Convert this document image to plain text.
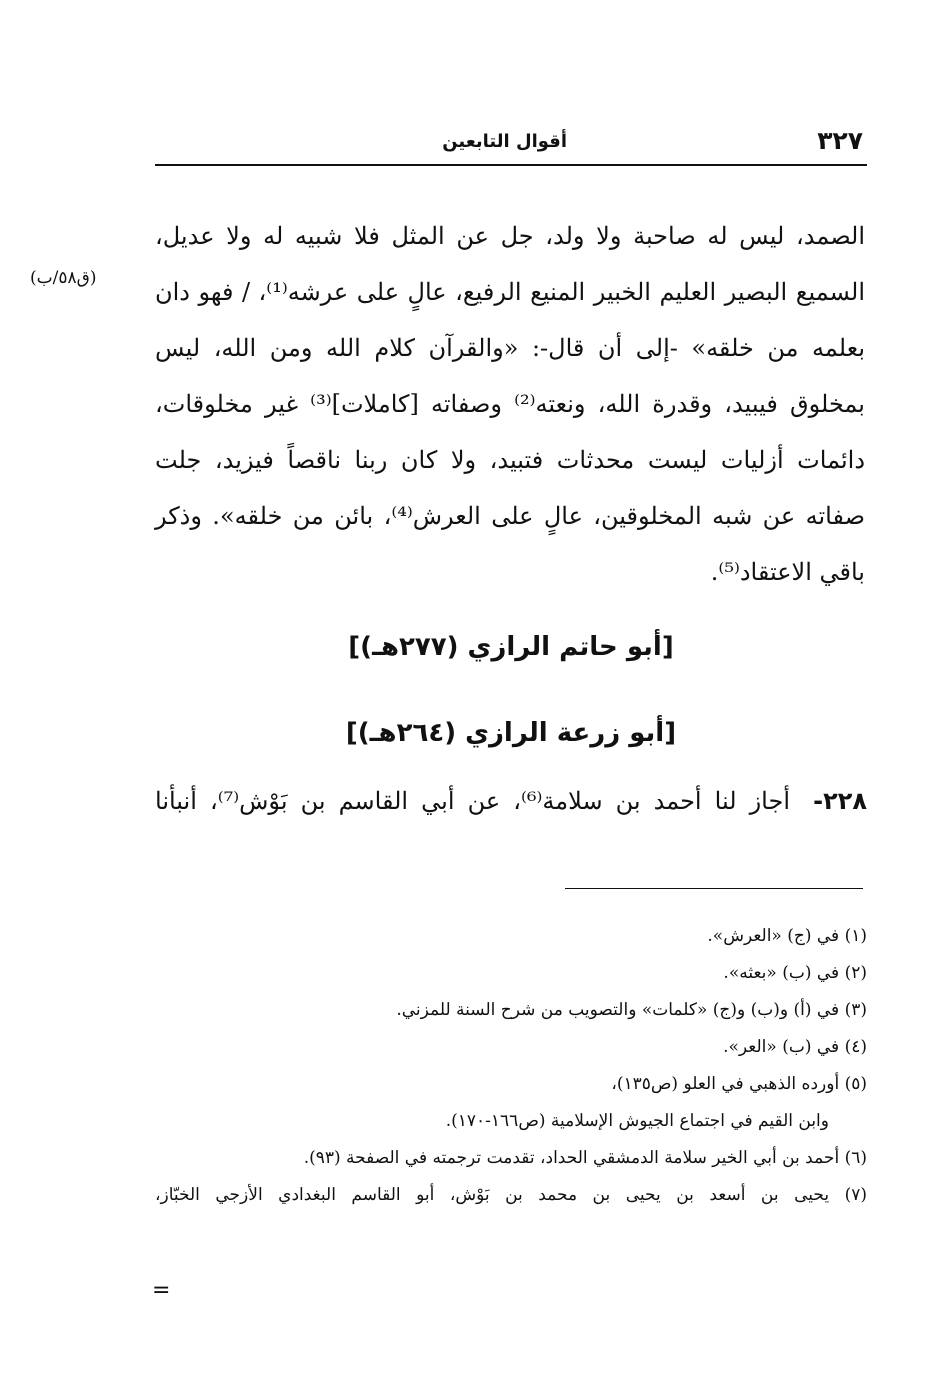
٣٢٧
أقوال التابعين
(ق٥٨/ب)
الصمد، ليس له صاحبة ولا ولد، جل عن المثل فلا شبيه له ولا عديل،
السميع البصير العليم الخبير المنيع الرفيع، عالٍ على عرشه⁽¹⁾، / فهو دان
بعلمه من خلقه» -إلى أن قال-: «والقرآن كلام الله ومن الله، ليس
بمخلوق فيبيد، وقدرة الله، ونعته⁽²⁾ وصفاته [كاملات]⁽³⁾ غير مخلوقات،
دائمات أزليات ليست محدثات فتبيد، ولا كان ربنا ناقصاً فيزيد، جلت
صفاته عن شبه المخلوقين، عالٍ على العرش⁽⁴⁾، بائن من خلقه». وذكر
باقي الاعتقاد⁽⁵⁾.
[أبو حاتم الرازي (٢٧٧هـ)]
[أبو زرعة الرازي (٢٦٤هـ)]
٢٢٨- أجاز لنا أحمد بن سلامة⁽⁶⁾، عن أبي القاسم بن بَوْش⁽⁷⁾، أنبأنا
(١) في (ج) «العرش».
(٢) في (ب) «بعثه».
(٣) في (أ) و(ب) و(ج) «كلمات» والتصويب من شرح السنة للمزني.
(٤) في (ب) «العر».
(٥) أورده الذهبي في العلو (ص١٣٥)،
وابن القيم في اجتماع الجيوش الإسلامية (ص١٦٦-١٧٠).
(٦) أحمد بن أبي الخير سلامة الدمشقي الحداد، تقدمت ترجمته في الصفحة (٩٣).
(٧) يحيى بن أسعد بن يحيى بن محمد بن بَوْش، أبو القاسم البغدادي الأزجي الخبّاز،
=
